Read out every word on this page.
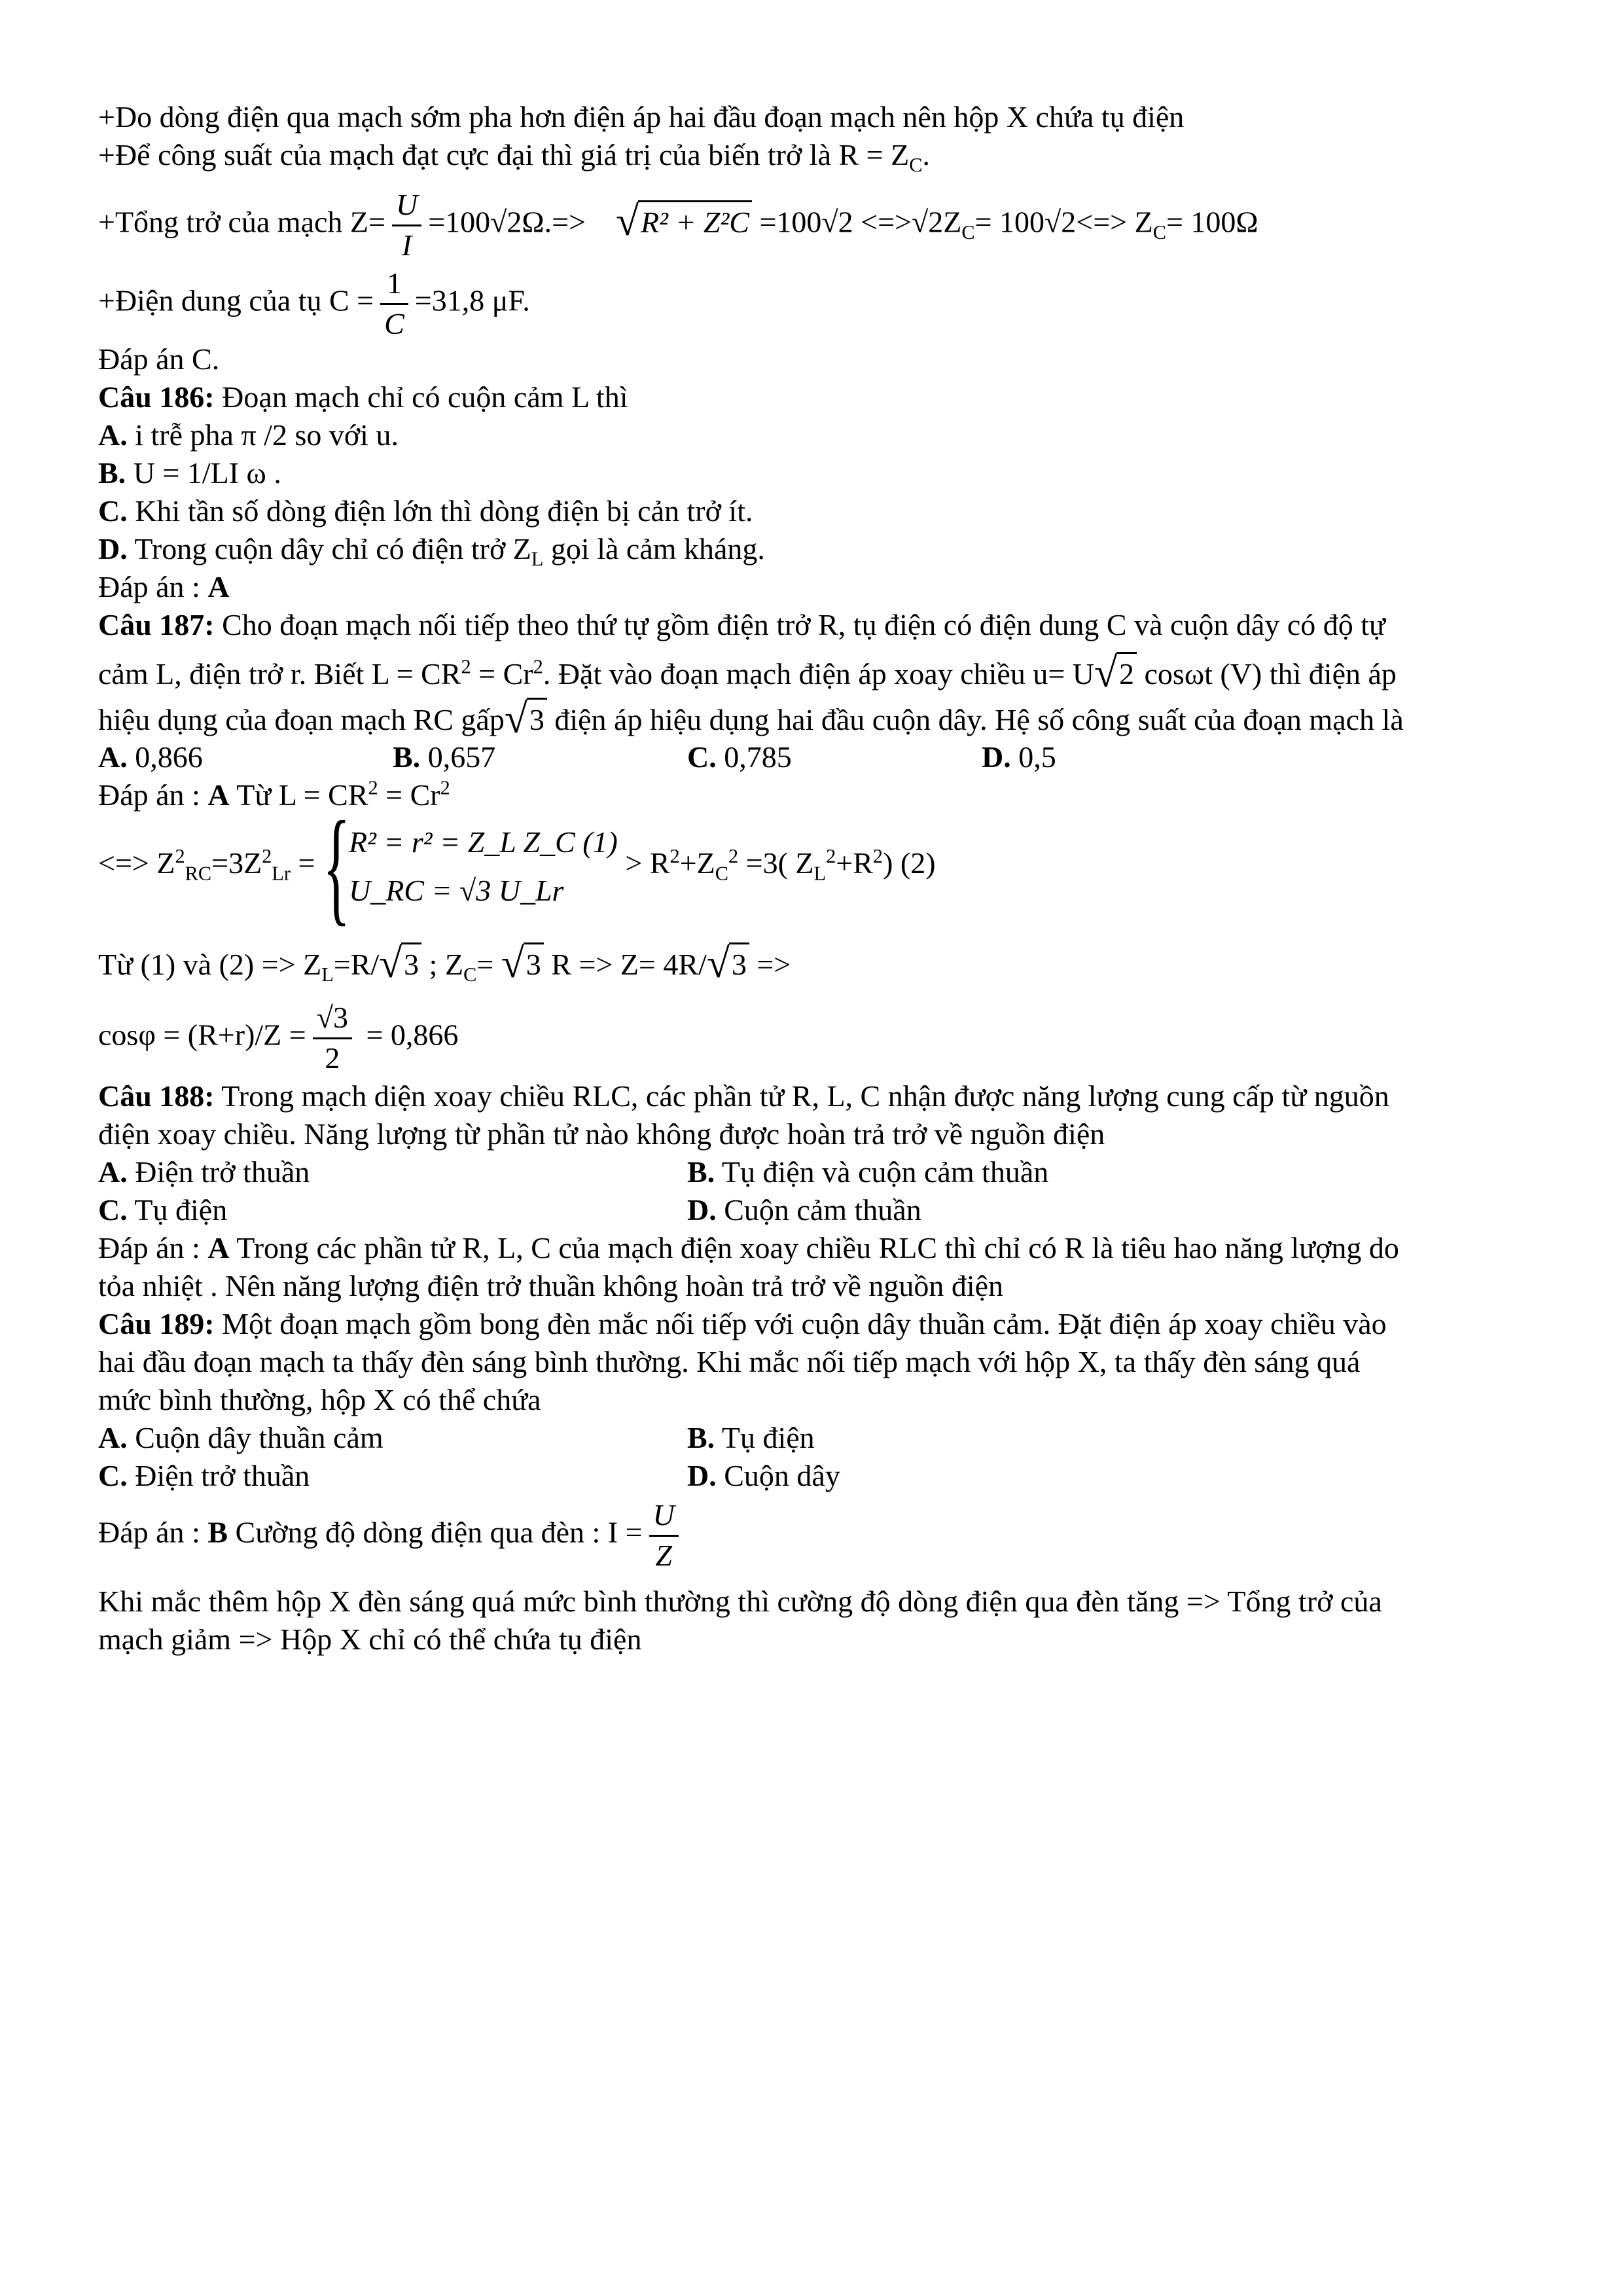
+Do dòng điện qua mạch sớm pha hơn điện áp hai đầu đoạn mạch nên hộp X chứa tụ điện
+Để công suất của mạch đạt cực đại thì giá trị của biến trở là $R = Z_C$.
+Tổng trở của mạch $Z= \frac{U}{I} =100√2\Omega.=>$    √ $R^2 + Z^2C =100√2 <=>√2Z_C= 100√2<=> Z_C= 100\Omega$
+Điện dung của tụ $C = \frac{1}{C} =31,8$ μF.
Đáp án C.
Câu 186: Đoạn mạch chỉ có cuộn cảm L thì
A. i trễ pha π /2 so với u.
B. U = 1/LI ω .
C. Khi tần số dòng điện lớn thì dòng điện bị cản trở ít.
D. Trong cuộn dây chỉ có điện trở $Z_L$ gọi là cảm kháng.
Đáp án : A
Câu 187: Cho đoạn mạch nối tiếp theo thứ tự gồm điện trở R, tụ điện có điện dung C và cuộn dây có độ tự
cảm L, điện trở r. Biết $L = CR^2 = Cr^2$. Đặt vào đoạn mạch điện áp xoay chiều u= U√ 2 cosωt (V) thì điện áp
hiệu dụng của đoạn mạch RC gấp√ 3 điện áp hiệu dụng hai đầu cuộn dây. Hệ số công suất của đoạn mạch là
A. 0,866	B. 0,657	C. 0,785	D. 0,5
Đáp án : A Từ $L = CR^2 = Cr^2$
<=> $Z^2_{RC}=3Z^2_{Lr}$ = {
R² = r² = Z_L Z_C (1)
U_RC = √3 U_Lr
> $R^2+Z_C^2 =3$( $Z_L^2+R^2$) (2)
Từ (1) và $(2) => Z_L=R/√$ 3 ; $Z_C=$ √ 3 R => Z= 4R/√ 3 =>
$\cos\varphi = (R+r)/Z = \frac{√3}{2} = 0,866$
Câu 188: Trong mạch diện xoay chiều RLC, các phần tử R, L, C nhận được năng lượng cung cấp từ nguồn
điện xoay chiều. Năng lượng từ phần tử nào không được hoàn trả trở về nguồn điện
A. Điện trở thuần	B. Tụ điện và cuộn cảm thuần
C. Tụ điện	D. Cuộn cảm thuần
Đáp án : A Trong các phần tử R, L, C của mạch điện xoay chiều RLC thì chỉ có R là tiêu hao năng lượng do
tỏa nhiệt . Nên năng lượng điện trở thuần không hoàn trả trở về nguồn điện
Câu 189: Một đoạn mạch gồm bong đèn mắc nối tiếp với cuộn dây thuần cảm. Đặt điện áp xoay chiều vào
hai đầu đoạn mạch ta thấy đèn sáng bình thường. Khi mắc nối tiếp mạch với hộp X, ta thấy đèn sáng quá
mức bình thường, hộp X có thể chứa
A. Cuộn dây thuần cảm	B. Tụ điện
C. Điện trở thuần	D. Cuộn dây
Đáp án : B Cường độ dòng điện qua đèn : $I = \frac{U}{Z}$
Khi mắc thêm hộp X đèn sáng quá mức bình thường thì cường độ dòng điện qua đèn tăng => Tổng trở của
mạch giảm => Hộp X chỉ có thể chứa tụ điện
